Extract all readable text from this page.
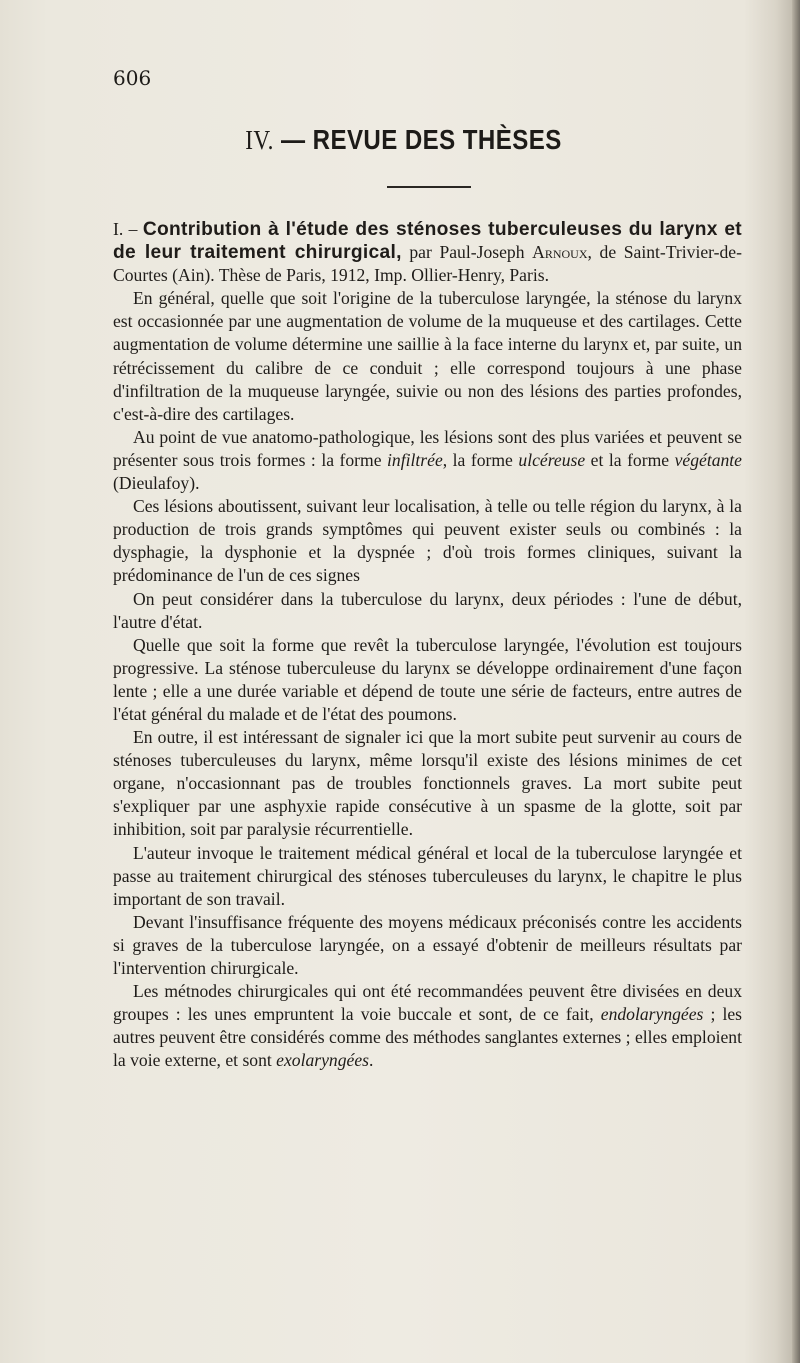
606
IV. — REVUE DES THÈSES

I. – Contribution à l'étude des sténoses tuberculeuses du larynx et de leur traitement chirurgical, par Paul-Joseph Arnoux, de Saint-Trivier-de-Courtes (Ain). Thèse de Paris, 1912, Imp. Ollier-Henry, Paris.

En général, quelle que soit l'origine de la tuberculose laryngée, la sténose du larynx est occasionnée par une augmentation de volume de la muqueuse et des cartilages. Cette augmentation de volume détermine une saillie à la face interne du larynx et, par suite, un rétrécissement du calibre de ce conduit ; elle correspond toujours à une phase d'infiltration de la muqueuse laryngée, suivie ou non des lésions des parties profondes, c'est-à-dire des cartilages.

Au point de vue anatomo-pathologique, les lésions sont des plus variées et peuvent se présenter sous trois formes : la forme infiltrée, la forme ulcéreuse et la forme végétante (Dieulafoy).

Ces lésions aboutissent, suivant leur localisation, à telle ou telle région du larynx, à la production de trois grands symptômes qui peuvent exister seuls ou combinés : la dysphagie, la dysphonie et la dyspnée ; d'où trois formes cliniques, suivant la prédominance de l'un de ces signes

On peut considérer dans la tuberculose du larynx, deux périodes : l'une de début, l'autre d'état.

Quelle que soit la forme que revêt la tuberculose laryngée, l'évolution est toujours progressive. La sténose tuberculeuse du larynx se développe ordinairement d'une façon lente ; elle a une durée variable et dépend de toute une série de facteurs, entre autres de l'état général du malade et de l'état des poumons.

En outre, il est intéressant de signaler ici que la mort subite peut survenir au cours de sténoses tuberculeuses du larynx, même lorsqu'il existe des lésions minimes de cet organe, n'occasionnant pas de troubles fonctionnels graves. La mort subite peut s'expliquer par une asphyxie rapide consécutive à un spasme de la glotte, soit par inhibition, soit par paralysie récurrentielle.

L'auteur invoque le traitement médical général et local de la tuberculose laryngée et passe au traitement chirurgical des sténoses tuberculeuses du larynx, le chapitre le plus important de son travail.

Devant l'insuffisance fréquente des moyens médicaux préconisés contre les accidents si graves de la tuberculose laryngée, on a essayé d'obtenir de meilleurs résultats par l'intervention chirurgicale.

Les métnodes chirurgicales qui ont été recommandées peuvent être divisées en deux groupes : les unes empruntent la voie buccale et sont, de ce fait, endolaryngées ; les autres peuvent être considérés comme des méthodes sanglantes externes ; elles emploient la voie externe, et sont exolaryngées.
